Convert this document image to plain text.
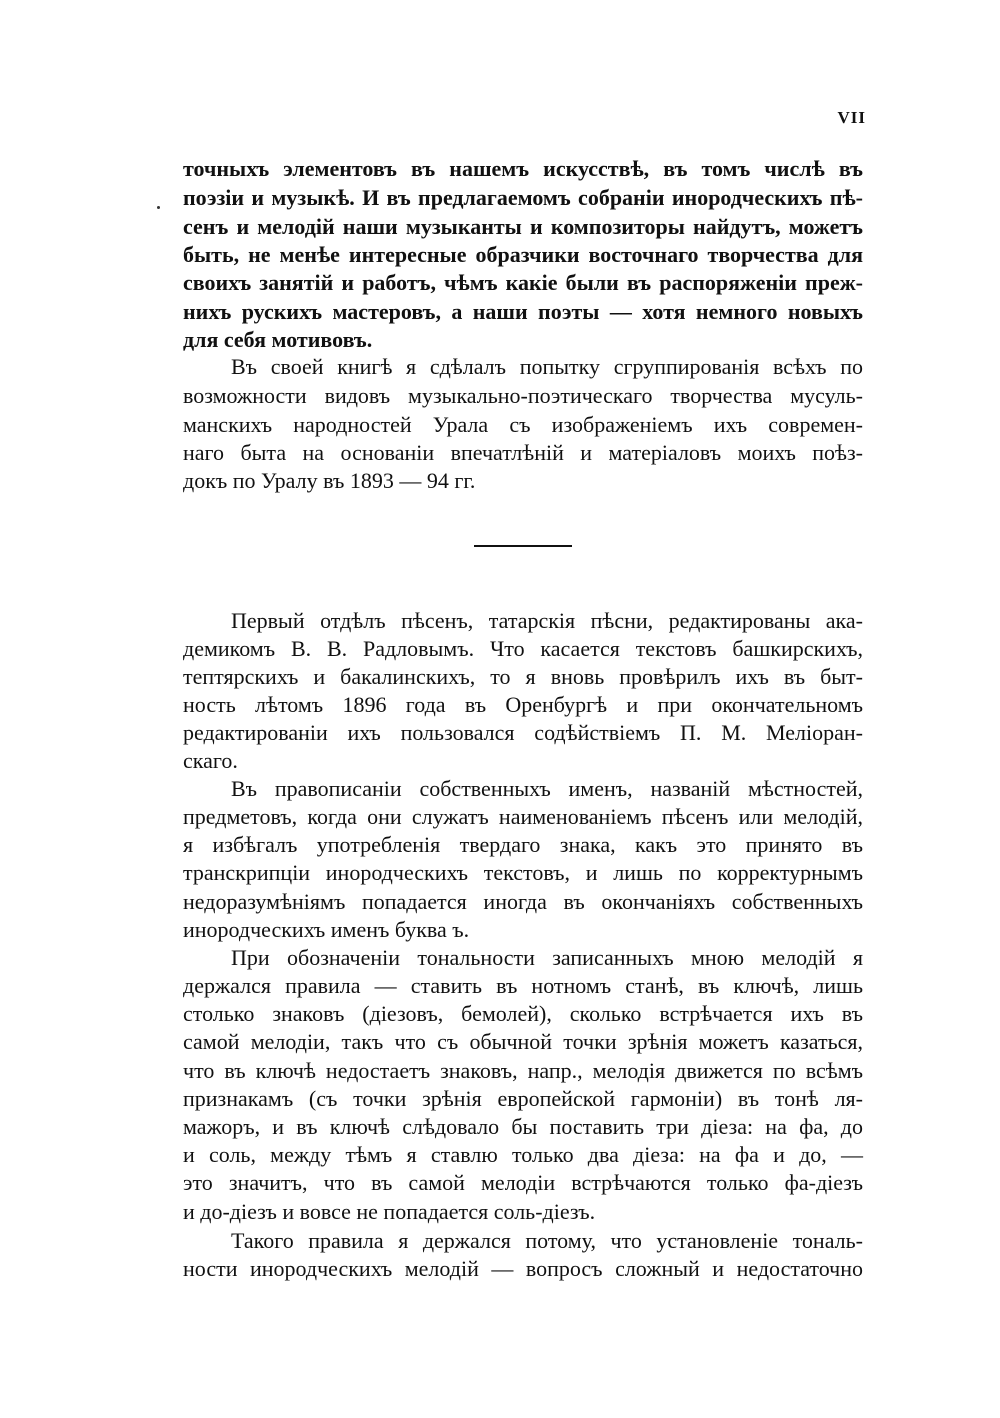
VII
точныхъ элементовъ въ нашемъ искусствѣ, въ томъ числѣ въ
поэзіи и музыкѣ. И въ предлагаемомъ собраніи инородческихъ пѣ-
сенъ и мелодій наши музыканты и композиторы найдутъ, можетъ
быть, не менѣе интересные образчики восточнаго творчества для
своихъ занятій и работъ, чѣмъ какіе были въ распоряженіи преж-
нихъ рускихъ мастеровъ, а наши поэты — хотя немного новыхъ
для себя мотивовъ.
Въ своей книгѣ я сдѣлалъ попытку сгруппированія всѣхъ по
возможности видовъ музыкально-поэтическаго творчества мусуль-
манскихъ народностей Урала съ изображеніемъ ихъ современ-
наго быта на основаніи впечатлѣній и матеріаловъ моихъ поѣз-
докъ по Уралу въ 1893 — 94 гг.
Первый отдѣлъ пѣсенъ, татарскія пѣсни, редактированы ака-
демикомъ В. В. Радловымъ. Что касается текстовъ башкирскихъ,
тептярскихъ и бакалинскихъ, то я вновь провѣрилъ ихъ въ быт-
ность лѣтомъ 1896 года въ Оренбургѣ и при окончательномъ
редактированіи ихъ пользовался содѣйствіемъ П. М. Меліоран-
скаго.
Въ правописаніи собственныхъ именъ, названій мѣстностей,
предметовъ, когда они служатъ наименованіемъ пѣсенъ или мелодій,
я избѣгалъ употребленія твердаго знака, какъ это принято въ
транскрипціи инородческихъ текстовъ, и лишь по корректурнымъ
недоразумѣніямъ попадается иногда въ окончаніяхъ собственныхъ
инородческихъ именъ буква ъ.
При обозначеніи тональности записанныхъ мною мелодій я
держался правила — ставить въ нотномъ станѣ, въ ключѣ, лишь
столько знаковъ (діезовъ, бемолей), сколько встрѣчается ихъ въ
самой мелодіи, такъ что съ обычной точки зрѣнія можетъ казаться,
что въ ключѣ недостаетъ знаковъ, напр., мелодія движется по всѣмъ
признакамъ (съ точки зрѣнія европейской гармоніи) въ тонѣ ля-
мажоръ, и въ ключѣ слѣдовало бы поставить три діеза: на фа, до
и соль, между тѣмъ я ставлю только два діеза: на фа и до, —
это значитъ, что въ самой мелодіи встрѣчаются только фа-діезъ
и до-діезъ и вовсе не попадается соль-діезъ.
Такого правила я держался потому, что установленіе тональ-
ности инородческихъ мелодій — вопросъ сложный и недостаточно
